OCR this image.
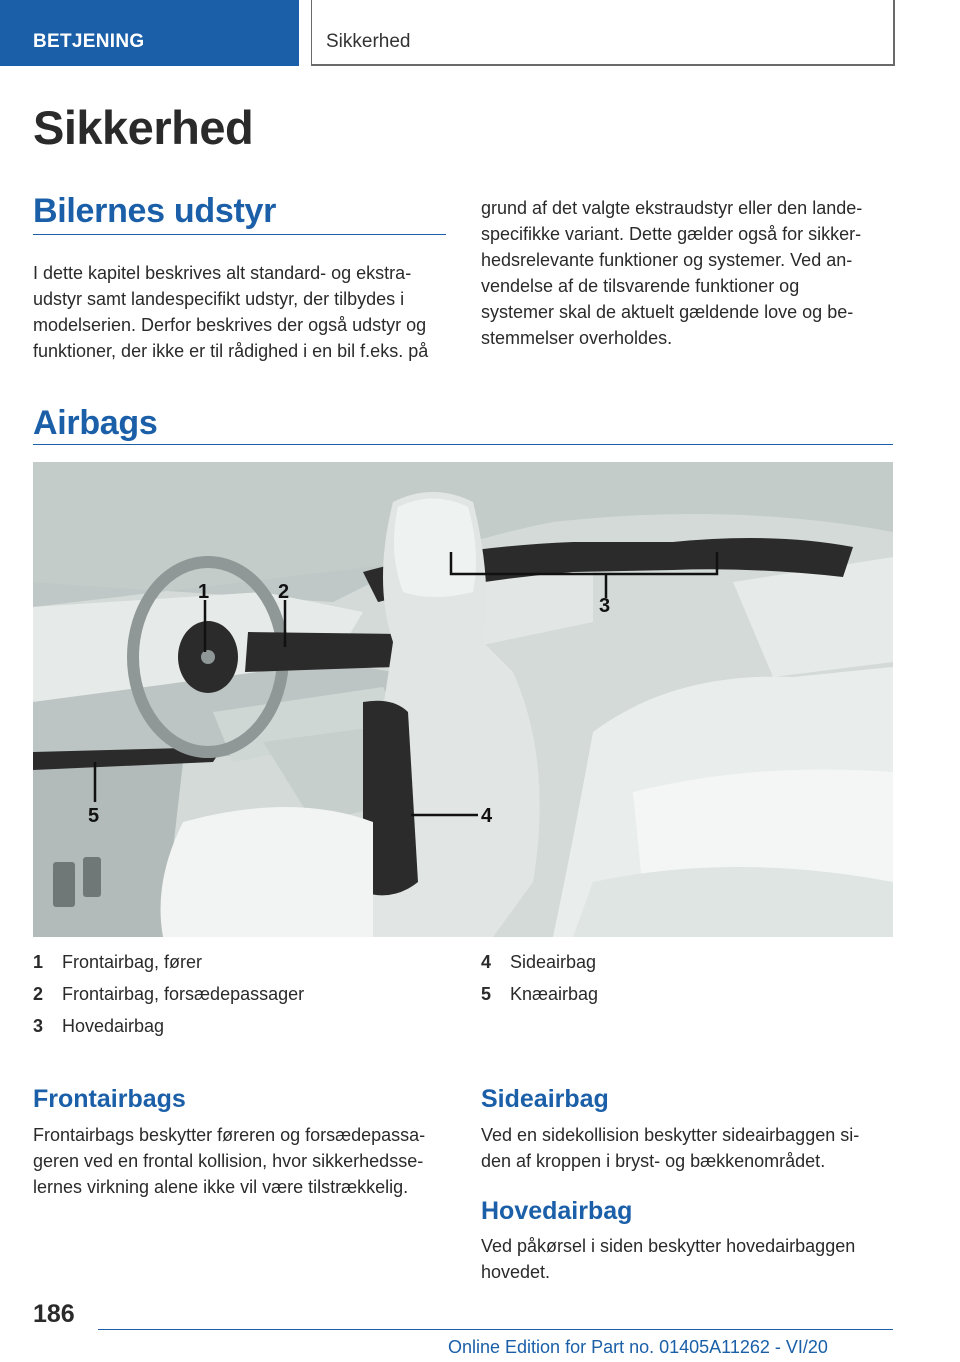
BETJENING	Sikkerhed
Sikkerhed
Bilernes udstyr
I dette kapitel beskrives alt standard- og ekstra-
udstyr samt landespecifikt udstyr, der tilbydes i
modelserien. Derfor beskrives der også udstyr og
funktioner, der ikke er til rådighed i en bil f.eks. på
grund af det valgte ekstraudstyr eller den lande-
specifikke variant. Dette gælder også for sikker-
hedsrelevante funktioner og systemer. Ved an-
vendelse af de tilsvarende funktioner og
systemer skal de aktuelt gældende love og be-
stemmelser overholdes.
Airbags
1	2
3
4
5
1	Frontairbag, fører
2	Frontairbag, forsædepassager
3	Hovedairbag
4	Sideairbag
5	Knæairbag
Frontairbags
Frontairbags beskytter føreren og forsædepassa-
geren ved en frontal kollision, hvor sikkerhedsse-
lernes virkning alene ikke vil være tilstrækkelig.
Sideairbag
Ved en sidekollision beskytter sideairbaggen si-
den af kroppen i bryst- og bækkenområdet.
Hovedairbag
Ved påkørsel i siden beskytter hovedairbaggen
hovedet.
186
Online Edition for Part no. 01405A11262 - VI/20
